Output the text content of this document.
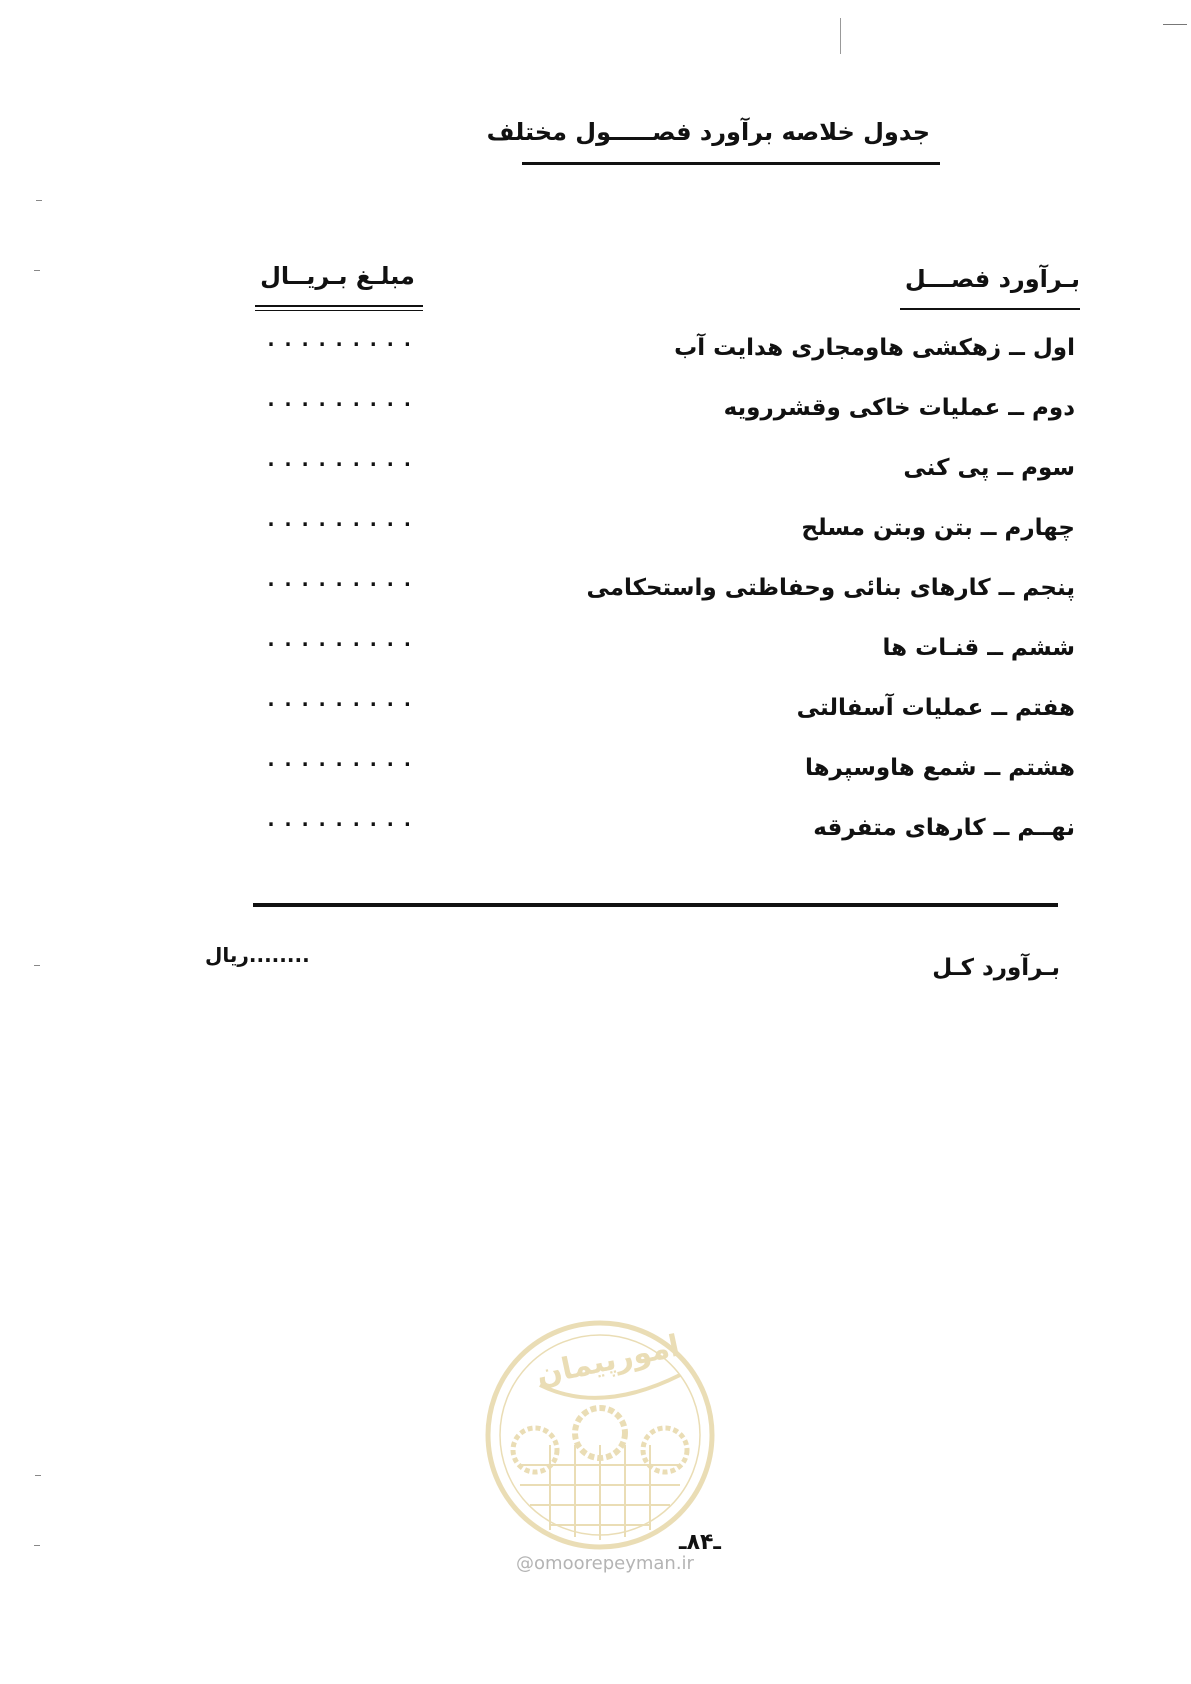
جدول خلاصه برآورد فصـــــول مختلف
مبلـغ بـريــال	بـرآورد فصـــل
اول ــ زهکشی هاومجاری هدایت آب
.........
دوم ــ عملیات خاکی وقشررویه
.........
سوم ــ پی کنی
.........
چهارم ــ بتن وبتن مسلح
.........
پنجم ــ کارهای بنائی وحفاظتی واستحکامی
.........
ششم ــ قنـات ها
.........
هفتم ــ عملیات آسفالتی
.........
هشتم ــ شمع هاوسپرها
.........
نهــم ــ کارهای متفرقه
.........
بـرآورد کـل
........ریال
امورپیمان
ـ۸۴ـ
@omoorepeyman.ir
